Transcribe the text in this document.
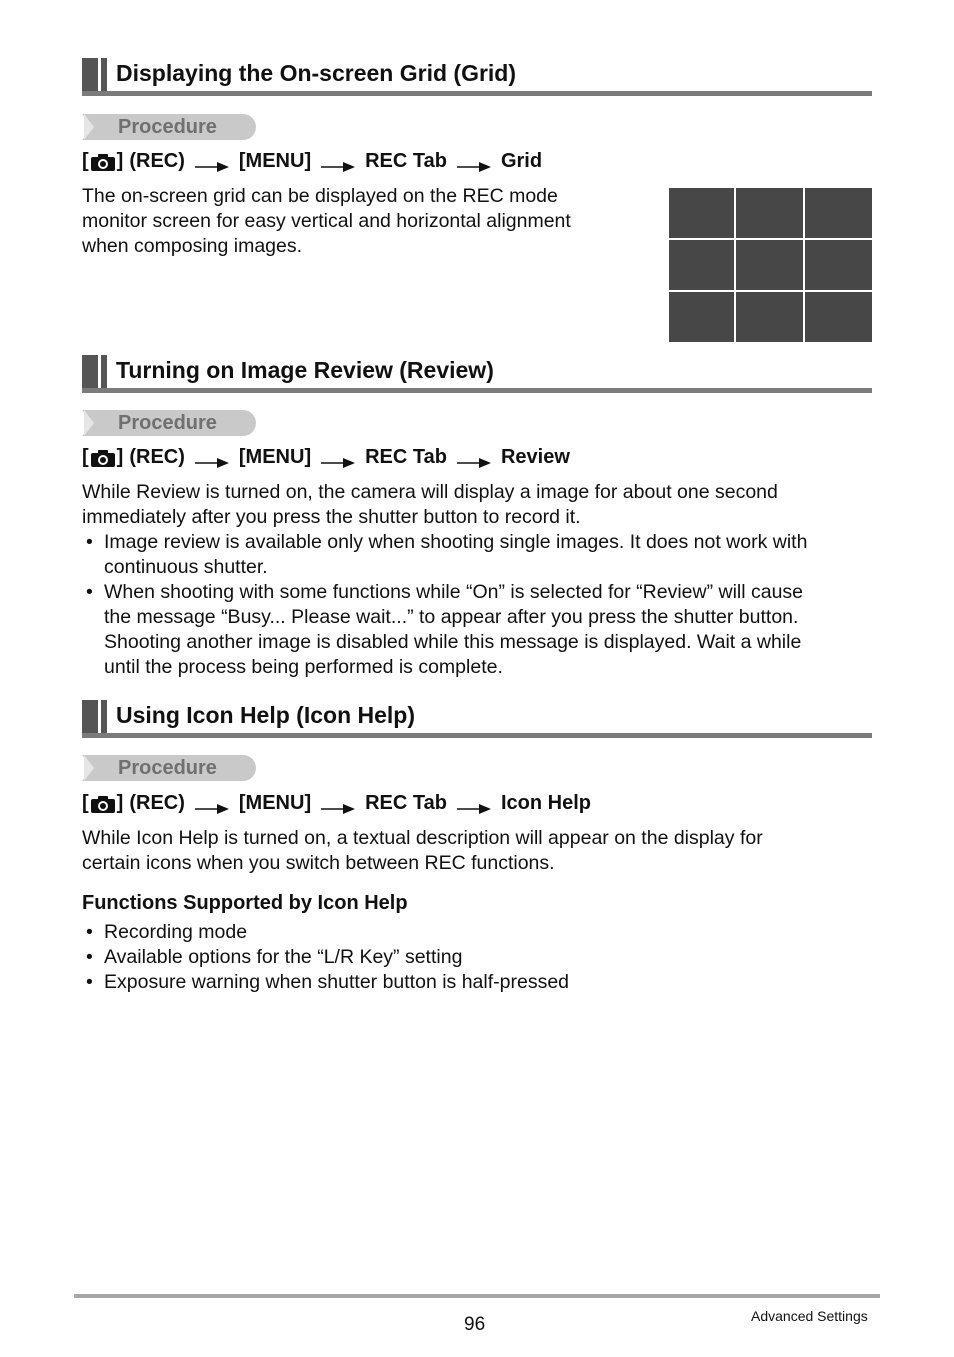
Displaying the On-screen Grid (Grid)
Procedure
[ ] (REC)	[MENU]	REC Tab	Grid
The on-screen grid can be displayed on the REC mode
monitor screen for easy vertical and horizontal alignment
when composing images.
Turning on Image Review (Review)
Procedure
[ ] (REC)	[MENU]	REC Tab	Review
While Review is turned on, the camera will display a image for about one second
immediately after you press the shutter button to record it.
• Image review is available only when shooting single images. It does not work with
continuous shutter.
• When shooting with some functions while “On” is selected for “Review” will cause
the message “Busy... Please wait...” to appear after you press the shutter button.
Shooting another image is disabled while this message is displayed. Wait a while
until the process being performed is complete.
Using Icon Help (Icon Help)
Procedure
[ ] (REC)	[MENU]	REC Tab	Icon Help
While Icon Help is turned on, a textual description will appear on the display for
certain icons when you switch between REC functions.
Functions Supported by Icon Help
• Recording mode
• Available options for the “L/R Key” setting
• Exposure warning when shutter button is half-pressed
96	Advanced Settings
